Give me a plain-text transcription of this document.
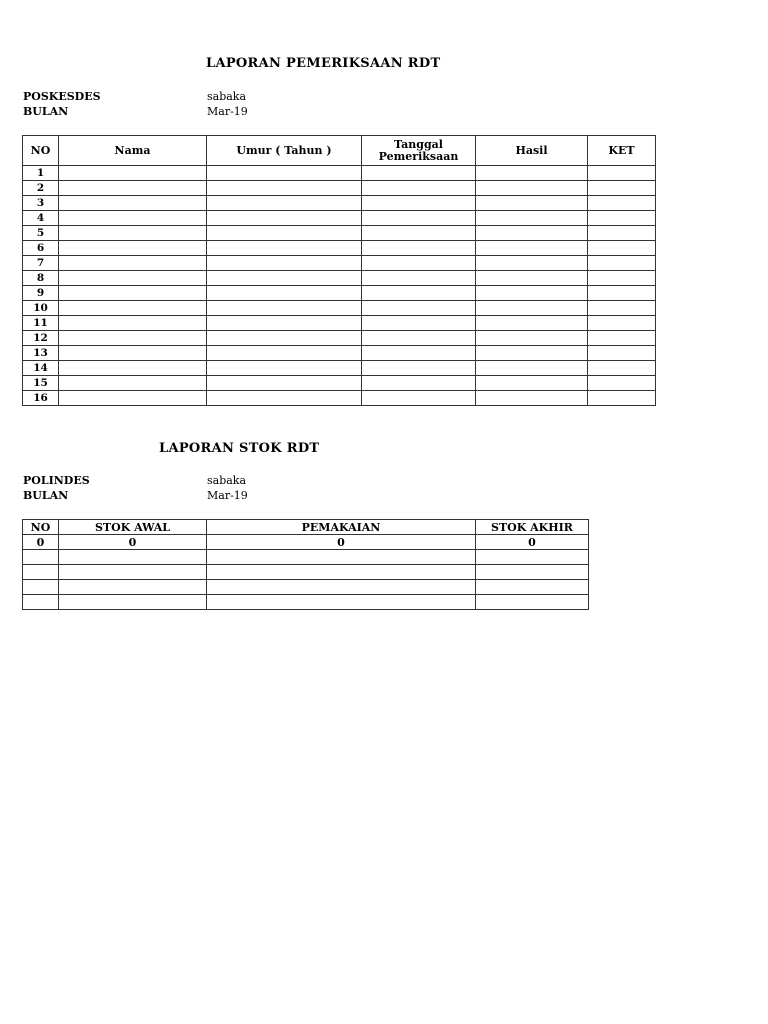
LAPORAN PEMERIKSAAN RDT
POSKESDES	sabaka
BULAN	Mar-19
NO	Nama	Umur ( Tahun )	Tanggal Pemeriksaan	Hasil	KET
1					
2					
3					
4					
5					
6					
7					
8					
9					
10					
11					
12					
13					
14					
15					
16					
LAPORAN STOK RDT
POLINDES	sabaka
BULAN	Mar-19
NO	STOK AWAL	PEMAKAIAN	STOK AKHIR
0	0	0	0
